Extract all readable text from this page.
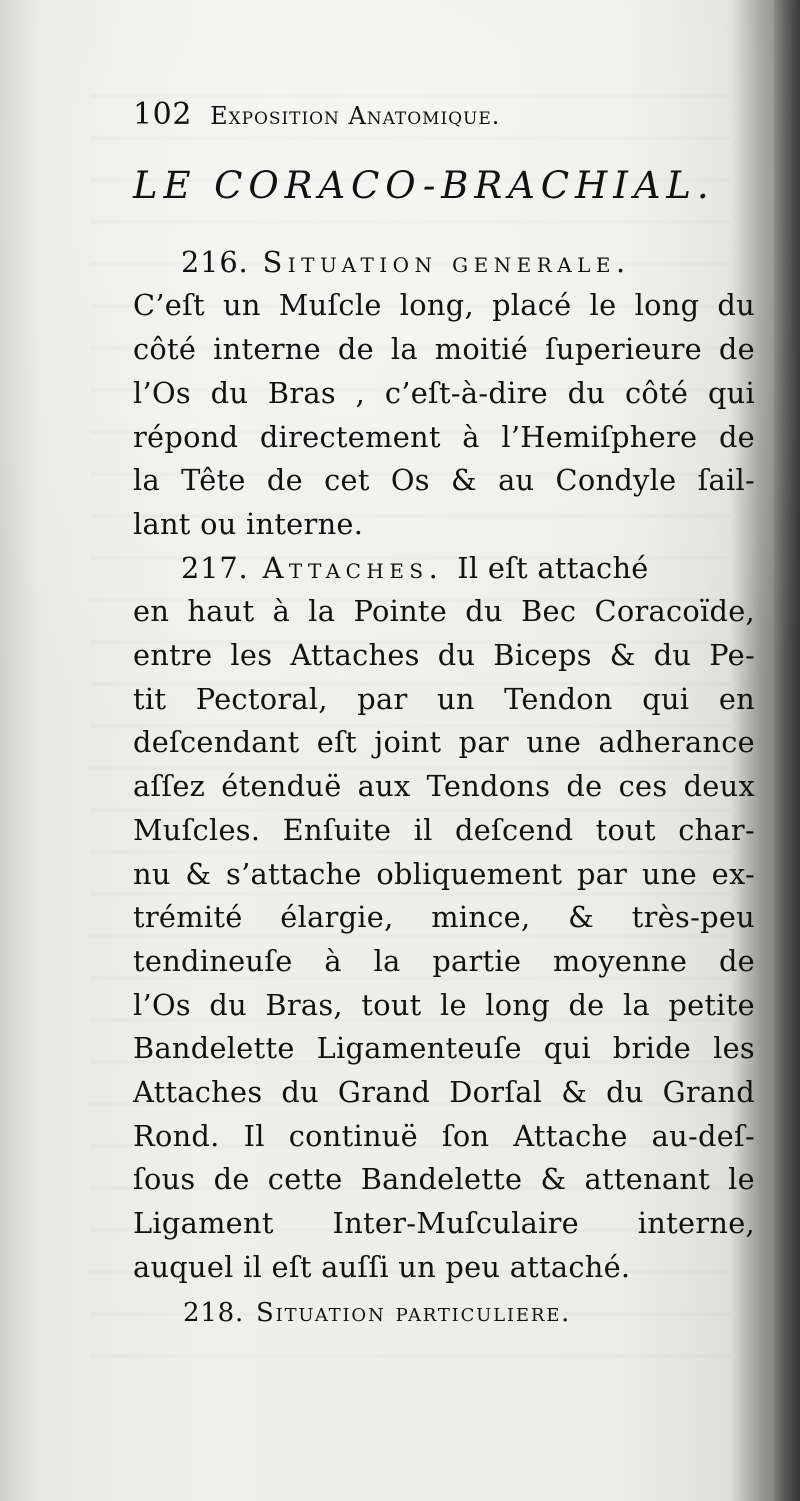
102 Exposition Anatomique.
LE CORACO-BRACHIAL.
216. Situation generale.
C’eſt un Muſcle long, placé le long du
côté interne de la moitié ſuperieure de
l’Os du Bras , c’eſt-à-dire du côté qui
répond directement à l’Hemiſphere de
la Tête de cet Os & au Condyle ſail-
lant ou interne.
217. Attaches. Il eſt attaché
en haut à la Pointe du Bec Coracoïde,
entre les Attaches du Biceps & du Pe-
tit Pectoral, par un Tendon qui en
deſcendant eſt joint par une adherance
aſſez étenduë aux Tendons de ces deux
Muſcles. Enſuite il deſcend tout char-
nu & s’attache obliquement par une ex-
trémité élargie, mince, & très-peu
tendineuſe à la partie moyenne de
l’Os du Bras, tout le long de la petite
Bandelette Ligamenteuſe qui bride les
Attaches du Grand Dorſal & du Grand
Rond. Il continuë ſon Attache au-deſ-
ſous de cette Bandelette & attenant le
Ligament Inter-Muſculaire interne,
auquel il eſt auſſi un peu attaché.
218. Situation particuliere.
